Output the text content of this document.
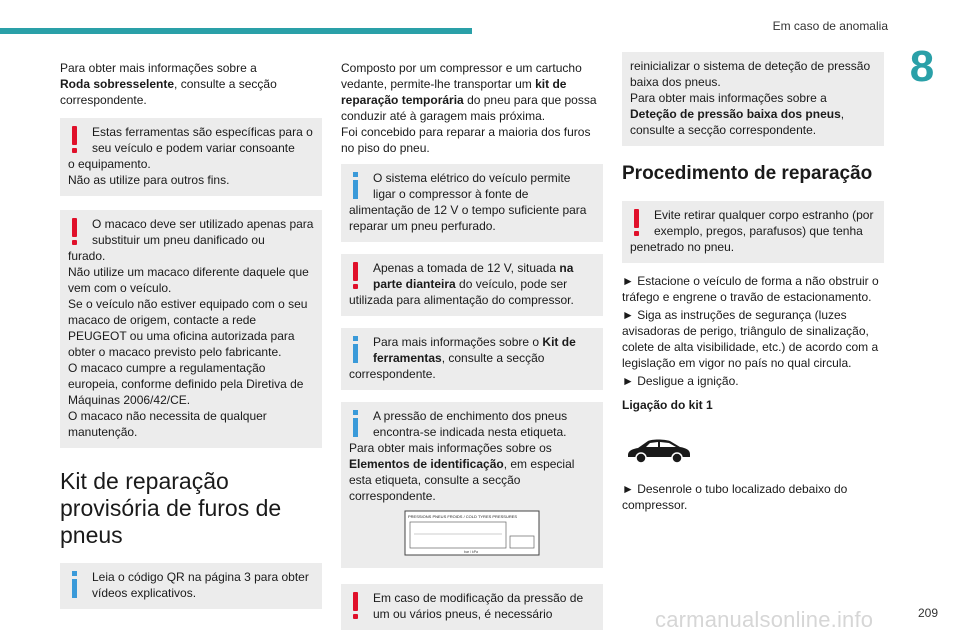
Em caso de anomalia
8

Para obter mais informações sobre a
Roda sobresselente, consulte a secção correspondente.

Estas ferramentas são específicas para o seu veículo e podem variar consoante
o equipamento.
Não as utilize para outros fins.
O macaco deve ser utilizado apenas para substituir um pneu danificado ou
furado.
Não utilize um macaco diferente daquele que vem com o veículo.
Se o veículo não estiver equipado com o seu macaco de origem, contacte a rede PEUGEOT ou uma oficina autorizada para obter o macaco previsto pelo fabricante.
O macaco cumpre a regulamentação europeia, conforme definido pela Diretiva de Máquinas 2006/42/CE.
O macaco não necessita de qualquer manutenção.
Kit de reparação provisória de furos de pneus
Leia o código QR na página 3 para obter vídeos explicativos.

Composto por um compressor e um cartucho vedante, permite-lhe transportar um kit de reparação temporária do pneu para que possa conduzir até à garagem mais próxima.
Foi concebido para reparar a maioria dos furos no piso do pneu.

O sistema elétrico do veículo permite ligar o compressor à fonte de
alimentação de 12 V o tempo suficiente para reparar um pneu perfurado.
Apenas a tomada de 12 V, situada na parte dianteira do veículo, pode ser
utilizada para alimentação do compressor.
Para mais informações sobre o Kit de ferramentas, consulte a secção
correspondente.
A pressão de enchimento dos pneus encontra-se indicada nesta etiqueta.
Para obter mais informações sobre os Elementos de identificação, em especial esta etiqueta, consulte a secção correspondente.
PRESSIONS PNEUS FROIDS / COLD TYRES PRESSURES
bar / kPa
Em caso de modificação da pressão de um ou vários pneus, é necessário
reinicializar o sistema de deteção de pressão baixa dos pneus.
Para obter mais informações sobre a
Deteção de pressão baixa dos pneus, consulte a secção correspondente.
Procedimento de reparação
Evite retirar qualquer corpo estranho (por exemplo, pregos, parafusos) que tenha
penetrado no pneu.

► Estacione o veículo de forma a não obstruir o tráfego e engrene o travão de estacionamento.

► Siga as instruções de segurança (luzes avisadoras de perigo, triângulo de sinalização, colete de alta visibilidade, etc.) de acordo com a legislação em vigor no país no qual circula.

► Desligue a ignição.

Ligação do kit 1

► Desenrole o tubo localizado debaixo do compressor.

carmanualsonline.info	209
